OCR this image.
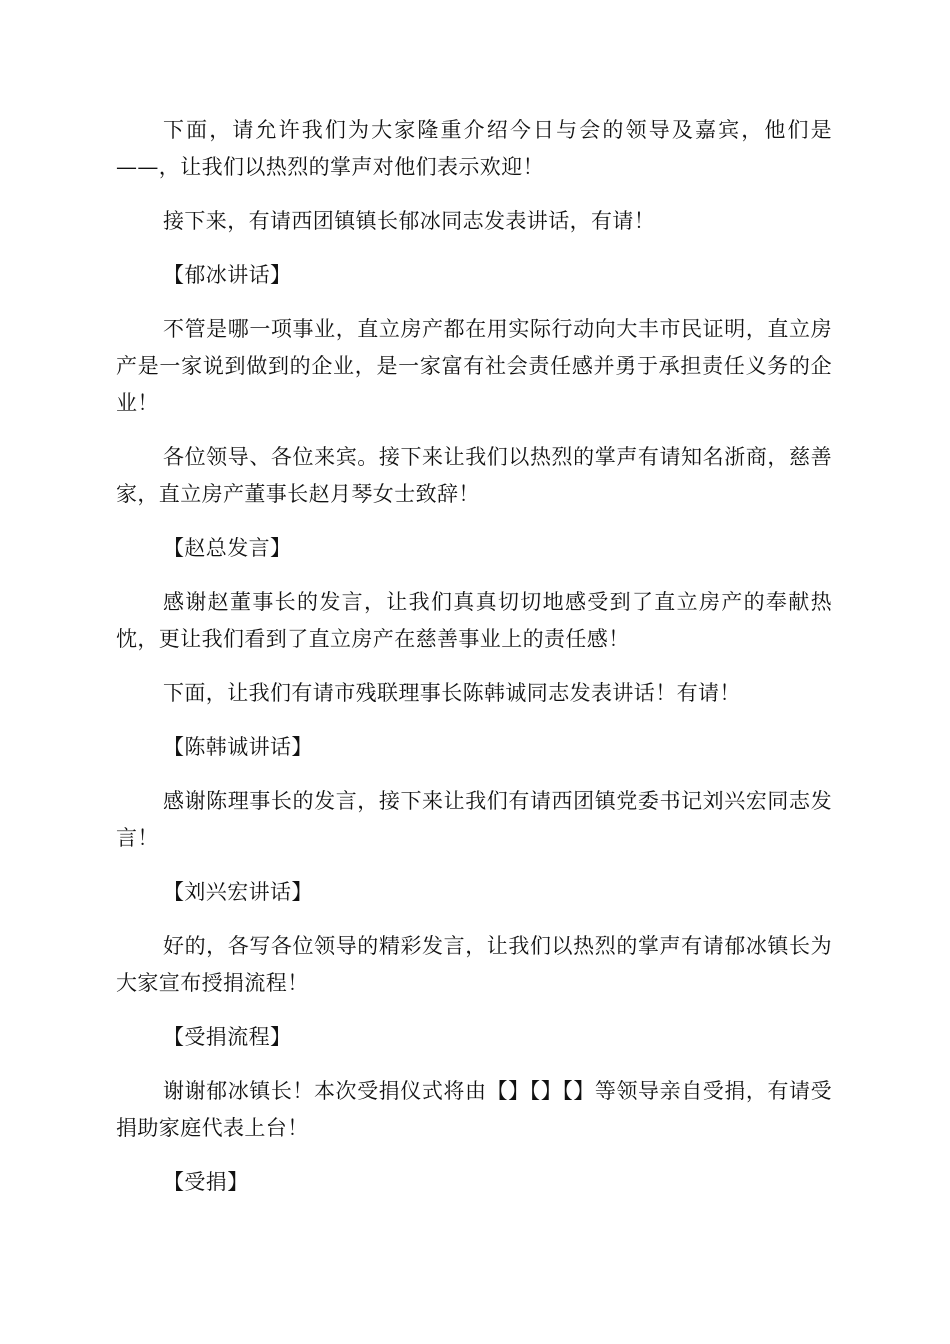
下面，请允许我们为大家隆重介绍今日与会的领导及嘉宾，他们是——，让我们以热烈的掌声对他们表示欢迎！

接下来，有请西团镇镇长郁冰同志发表讲话，有请！

【郁冰讲话】

不管是哪一项事业，直立房产都在用实际行动向大丰市民证明，直立房产是一家说到做到的企业，是一家富有社会责任感并勇于承担责任义务的企业！

各位领导、各位来宾。接下来让我们以热烈的掌声有请知名浙商，慈善家，直立房产董事长赵月琴女士致辞！

【赵总发言】

感谢赵董事长的发言，让我们真真切切地感受到了直立房产的奉献热忱，更让我们看到了直立房产在慈善事业上的责任感！

下面，让我们有请市残联理事长陈韩诚同志发表讲话！有请！

【陈韩诚讲话】

感谢陈理事长的发言，接下来让我们有请西团镇党委书记刘兴宏同志发言！

【刘兴宏讲话】

好的，各写各位领导的精彩发言，让我们以热烈的掌声有请郁冰镇长为大家宣布授捐流程！

【受捐流程】

谢谢郁冰镇长！本次受捐仪式将由【】【】【】等领导亲自受捐，有请受捐助家庭代表上台！

【受捐】
